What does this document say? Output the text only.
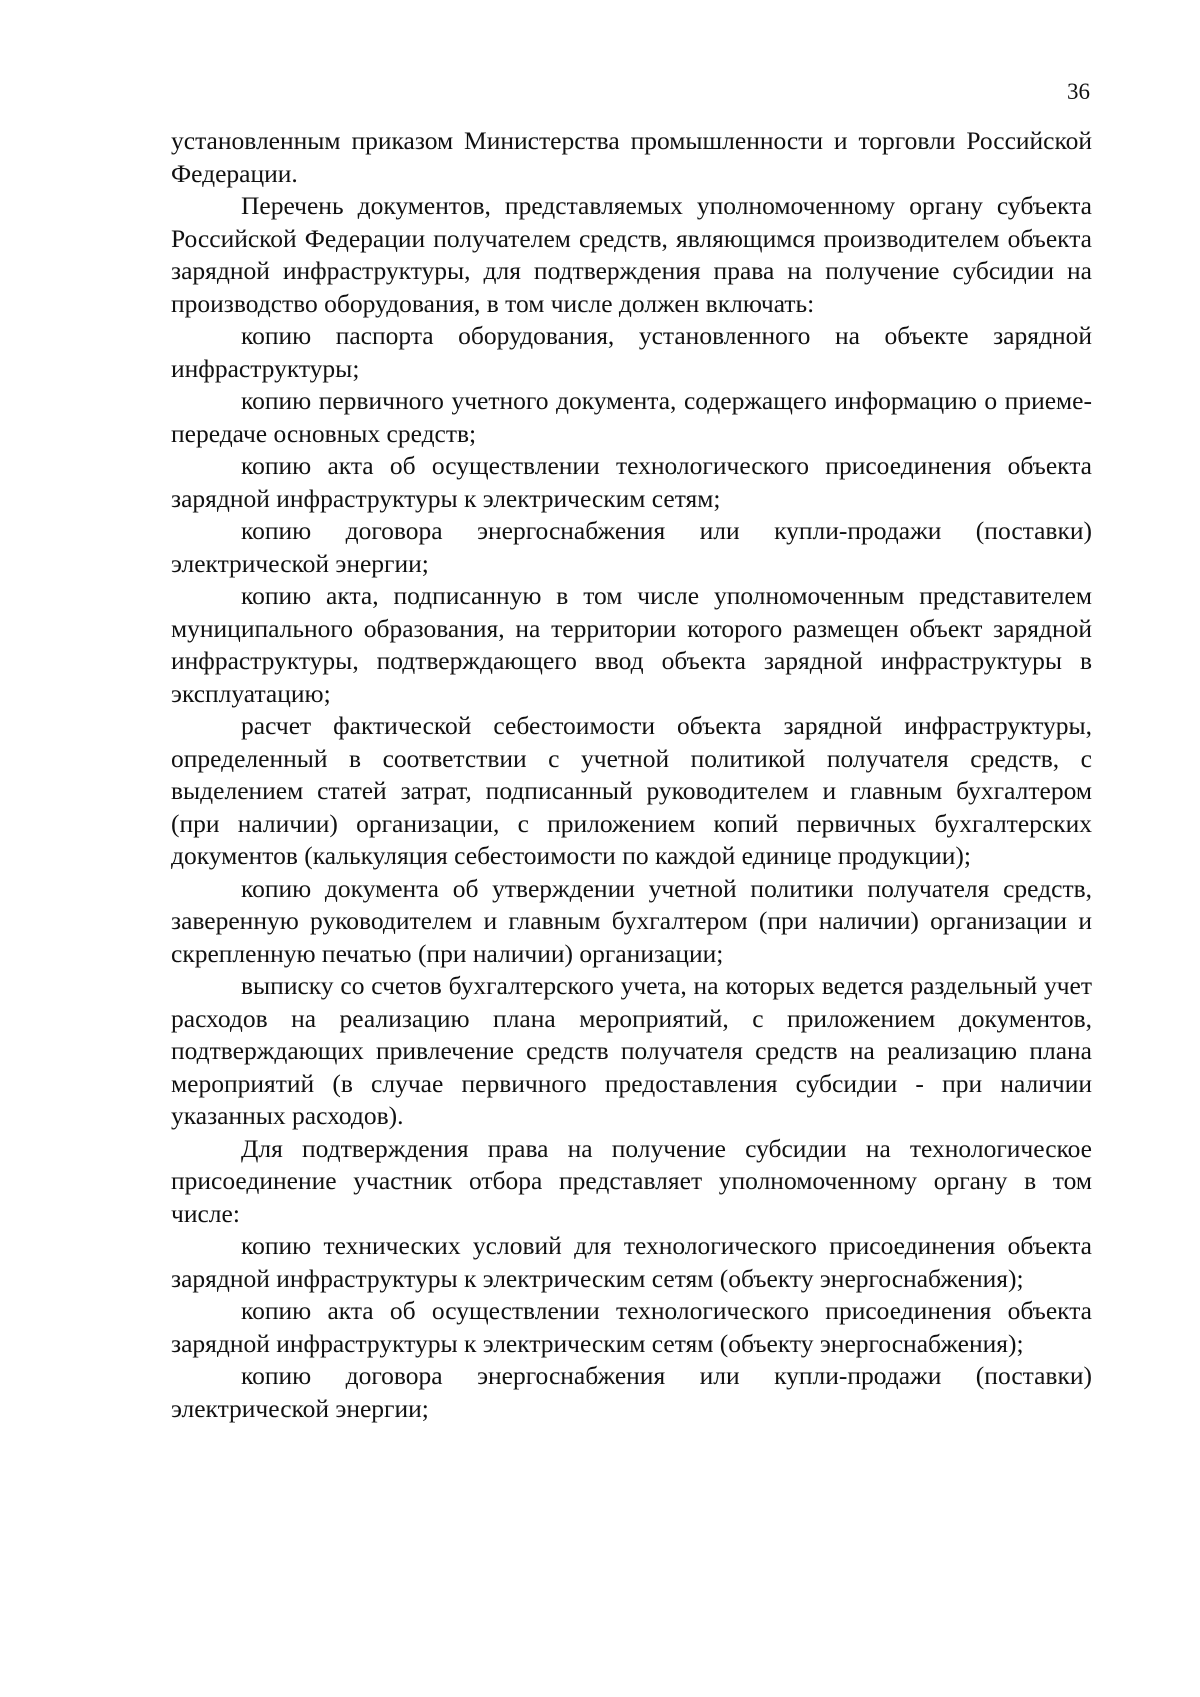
36

установленным приказом Министерства промышленности и торговли Российской Федерации.

Перечень документов, представляемых уполномоченному органу субъекта Российской Федерации получателем средств, являющимся производителем объекта зарядной инфраструктуры, для подтверждения права на получение субсидии на производство оборудования, в том числе должен включать:

копию паспорта оборудования, установленного на объекте зарядной инфраструктуры;

копию первичного учетного документа, содержащего информацию о приеме-передаче основных средств;

копию акта об осуществлении технологического присоединения объекта зарядной инфраструктуры к электрическим сетям;

копию договора энергоснабжения или купли-продажи (поставки) электрической энергии;

копию акта, подписанную в том числе уполномоченным представителем муниципального образования, на территории которого размещен объект зарядной инфраструктуры, подтверждающего ввод объекта зарядной инфраструктуры в эксплуатацию;

расчет фактической себестоимости объекта зарядной инфраструктуры, определенный в соответствии с учетной политикой получателя средств, с выделением статей затрат, подписанный руководителем и главным бухгалтером (при наличии) организации, с приложением копий первичных бухгалтерских документов (калькуляция себестоимости по каждой единице продукции);

копию документа об утверждении учетной политики получателя средств, заверенную руководителем и главным бухгалтером (при наличии) организации и скрепленную печатью (при наличии) организации;

выписку со счетов бухгалтерского учета, на которых ведется раздельный учет расходов на реализацию плана мероприятий, с приложением документов, подтверждающих привлечение средств получателя средств на реализацию плана мероприятий (в случае первичного предоставления субсидии - при наличии указанных расходов).

Для подтверждения права на получение субсидии на технологическое присоединение участник отбора представляет уполномоченному органу в том числе:

копию технических условий для технологического присоединения объекта зарядной инфраструктуры к электрическим сетям (объекту энергоснабжения);

копию акта об осуществлении технологического присоединения объекта зарядной инфраструктуры к электрическим сетям (объекту энергоснабжения);

копию договора энергоснабжения или купли-продажи (поставки) электрической энергии;
